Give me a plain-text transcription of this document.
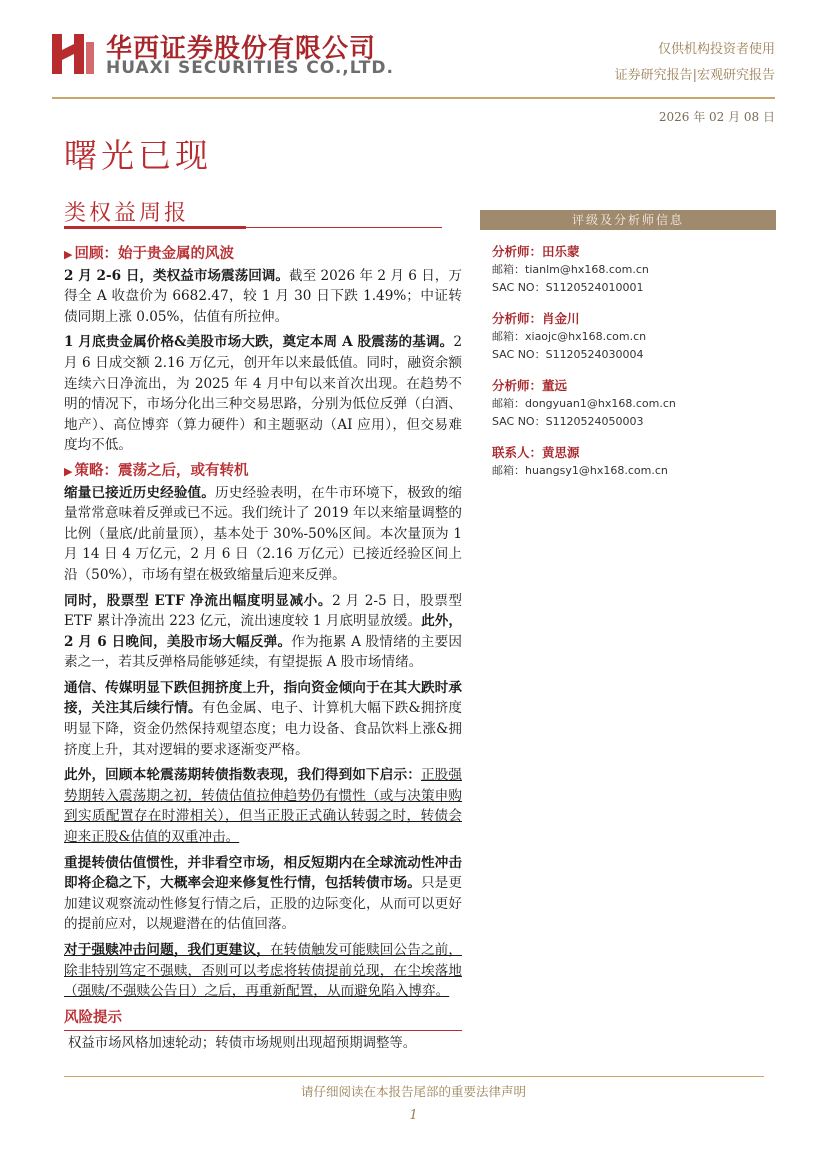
华西证券股份有限公司
HUAXI SECURITIES CO.,LTD.
仅供机构投资者使用
证券研究报告|宏观研究报告
2026 年 02 月 08 日
曙光已现
类权益周报

▶ 回顾：始于贵金属的风波

2 月 2-6 日，类权益市场震荡回调。截至 2026 年 2 月 6 日，万得全 A 收盘价为 6682.47，较 1 月 30 日下跌 1.49%；中证转债同期上涨 0.05%，估值有所拉伸。

1 月底贵金属价格&美股市场大跌，奠定本周 A 股震荡的基调。2 月 6 日成交额 2.16 万亿元，创开年以来最低值。同时，融资余额连续六日净流出，为 2025 年 4 月中旬以来首次出现。在趋势不明的情况下，市场分化出三种交易思路，分别为低位反弹（白酒、地产）、高位博弈（算力硬件）和主题驱动（AI 应用），但交易难度均不低。

▶ 策略：震荡之后，或有转机

缩量已接近历史经验值。历史经验表明，在牛市环境下，极致的缩量常常意味着反弹或已不远。我们统计了 2019 年以来缩量调整的比例（量底/此前量顶），基本处于 30%-50%区间。本次量顶为 1 月 14 日 4 万亿元，2 月 6 日（2.16 万亿元）已接近经验区间上沿（50%），市场有望在极致缩量后迎来反弹。

同时，股票型 ETF 净流出幅度明显减小。2 月 2-5 日，股票型 ETF 累计净流出 223 亿元，流出速度较 1 月底明显放缓。此外，2 月 6 日晚间，美股市场大幅反弹。作为拖累 A 股情绪的主要因素之一，若其反弹格局能够延续，有望提振 A 股市场情绪。

通信、传媒明显下跌但拥挤度上升，指向资金倾向于在其大跌时承接，关注其后续行情。有色金属、电子、计算机大幅下跌&拥挤度明显下降，资金仍然保持观望态度；电力设备、食品饮料上涨&拥挤度上升，其对逻辑的要求逐渐变严格。

此外，回顾本轮震荡期转债指数表现，我们得到如下启示：正股强势期转入震荡期之初，转债估值拉伸趋势仍有惯性（或与决策申购到实质配置存在时滞相关），但当正股正式确认转弱之时，转债会迎来正股&估值的双重冲击。

重提转债估值惯性，并非看空市场，相反短期内在全球流动性冲击即将企稳之下，大概率会迎来修复性行情，包括转债市场。只是更加建议观察流动性修复行情之后，正股的边际变化，从而可以更好的提前应对，以规避潜在的估值回落。

对于强赎冲击问题，我们更建议，在转债触发可能赎回公告之前，除非特别笃定不强赎，否则可以考虑将转债提前兑现，在尘埃落地（强赎/不强赎公告日）之后，再重新配置，从而避免陷入博弈。

风险提示

权益市场风格加速轮动；转债市场规则出现超预期调整等。

评级及分析师信息
分析师：田乐蒙
邮箱：tianlm@hx168.com.cn
SAC NO：S1120524010001
分析师：肖金川
邮箱：xiaojc@hx168.com.cn
SAC NO：S1120524030004
分析师：董远
邮箱：dongyuan1@hx168.com.cn
SAC NO：S1120524050003
联系人：黄思源
邮箱：huangsy1@hx168.com.cn
请仔细阅读在本报告尾部的重要法律声明
1
